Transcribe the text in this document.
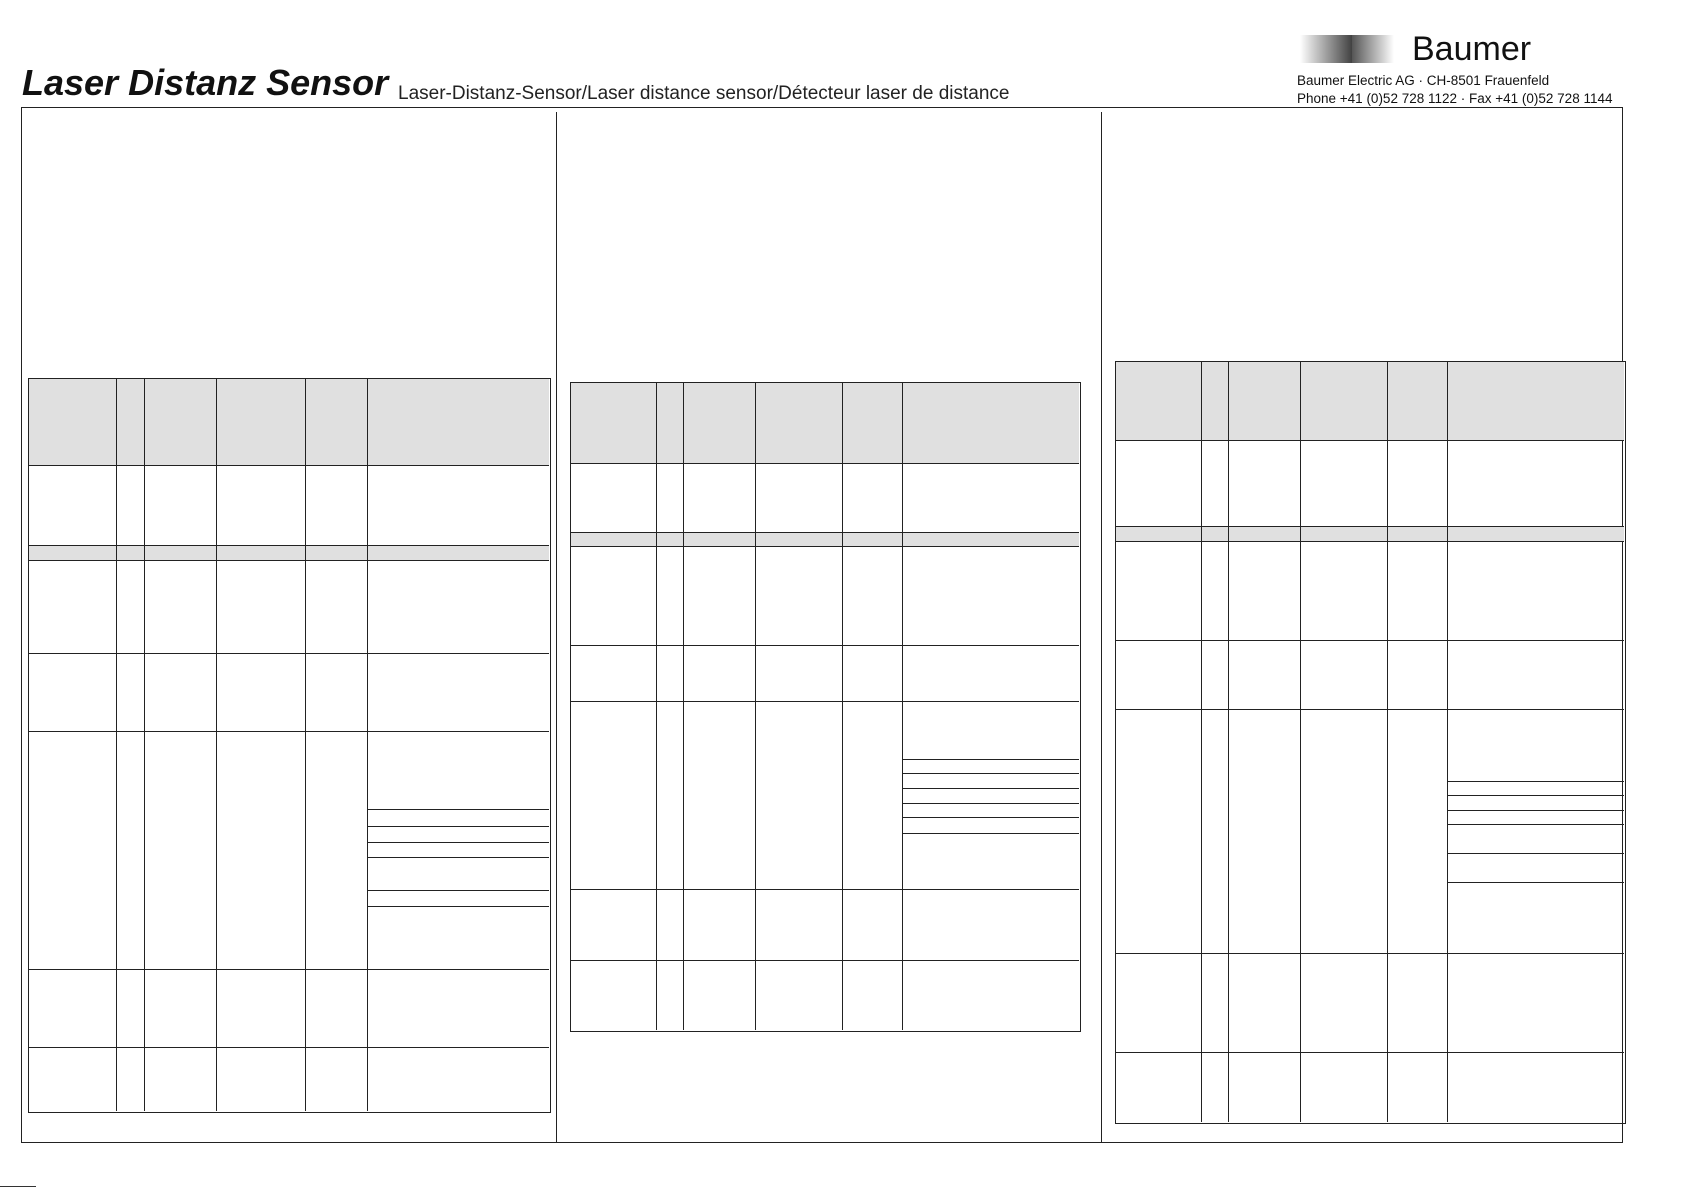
Laser Distanz Sensor Laser-Distanz-Sensor/Laser distance sensor/Détecteur laser de distance
Baumer
Baumer Electric AG · CH-8501 Frauenfeld
Phone +41 (0)52 728 1122 · Fax +41 (0)52 728 1144
